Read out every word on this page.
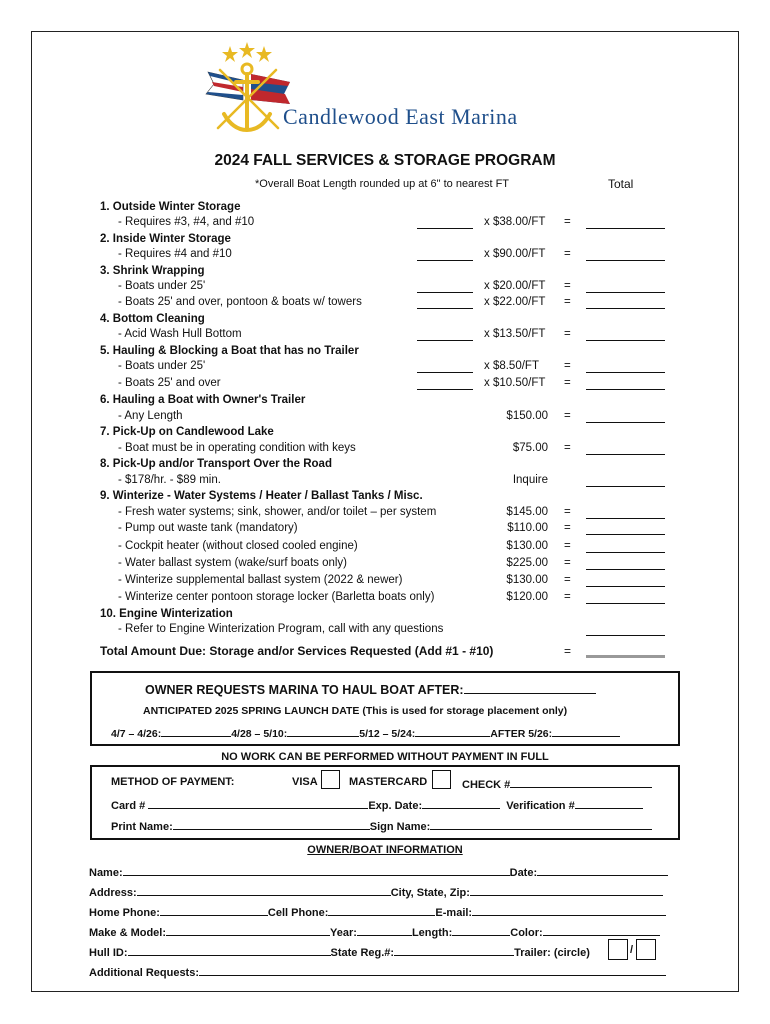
Candlewood East Marina
2024 FALL SERVICES & STORAGE PROGRAM
*Overall Boat Length rounded up at 6" to nearest FT	Total
1. Outside Winter Storage
- Requires #3, #4, and #10	x $38.00/FT =
2. Inside Winter Storage
- Requires #4 and #10	x $90.00/FT =
3. Shrink Wrapping
- Boats under 25'	x $20.00/FT =
- Boats 25' and over, pontoon & boats w/ towers	x $22.00/FT =
4. Bottom Cleaning
- Acid Wash Hull Bottom	x $13.50/FT =
5. Hauling & Blocking a Boat that has no Trailer
- Boats under 25'	x $8.50/FT =
- Boats 25' and over	x $10.50/FT =
6. Hauling a Boat with Owner's Trailer
- Any Length	$150.00 =
7. Pick-Up on Candlewood Lake
- Boat must be in operating condition with keys	$75.00 =
8. Pick-Up and/or Transport Over the Road
- $178/hr. - $89 min.	Inquire
9. Winterize - Water Systems / Heater / Ballast Tanks / Misc.
- Fresh water systems; sink, shower, and/or toilet – per system	$145.00 =
- Pump out waste tank (mandatory)	$110.00 =
- Cockpit heater (without closed cooled engine)	$130.00 =
- Water ballast system (wake/surf boats only)	$225.00 =
- Winterize supplemental ballast system (2022 & newer)	$130.00 =
- Winterize center pontoon storage locker (Barletta boats only)	$120.00 =
10. Engine Winterization
- Refer to Engine Winterization Program, call with any questions
Total Amount Due: Storage and/or Services Requested (Add #1 - #10)	=
OWNER REQUESTS MARINA TO HAUL BOAT AFTER:
ANTICIPATED 2025 SPRING LAUNCH DATE (This is used for storage placement only)
4/7 – 4/26:	4/28 – 5/10:	5/12 – 5/24:	AFTER 5/26:
NO WORK CAN BE PERFORMED WITHOUT PAYMENT IN FULL
METHOD OF PAYMENT:	VISA	MASTERCARD	CHECK #
Card #	Exp. Date:	Verification #
Print Name:	Sign Name:
OWNER/BOAT INFORMATION
Name:	Date:
Address:	City, State, Zip:
Home Phone:	Cell Phone:	E-mail:
Make & Model:	Year:	Length:	Color:
Hull ID:	State Reg.#:	Trailer: (circle)	/
Additional Requests:
